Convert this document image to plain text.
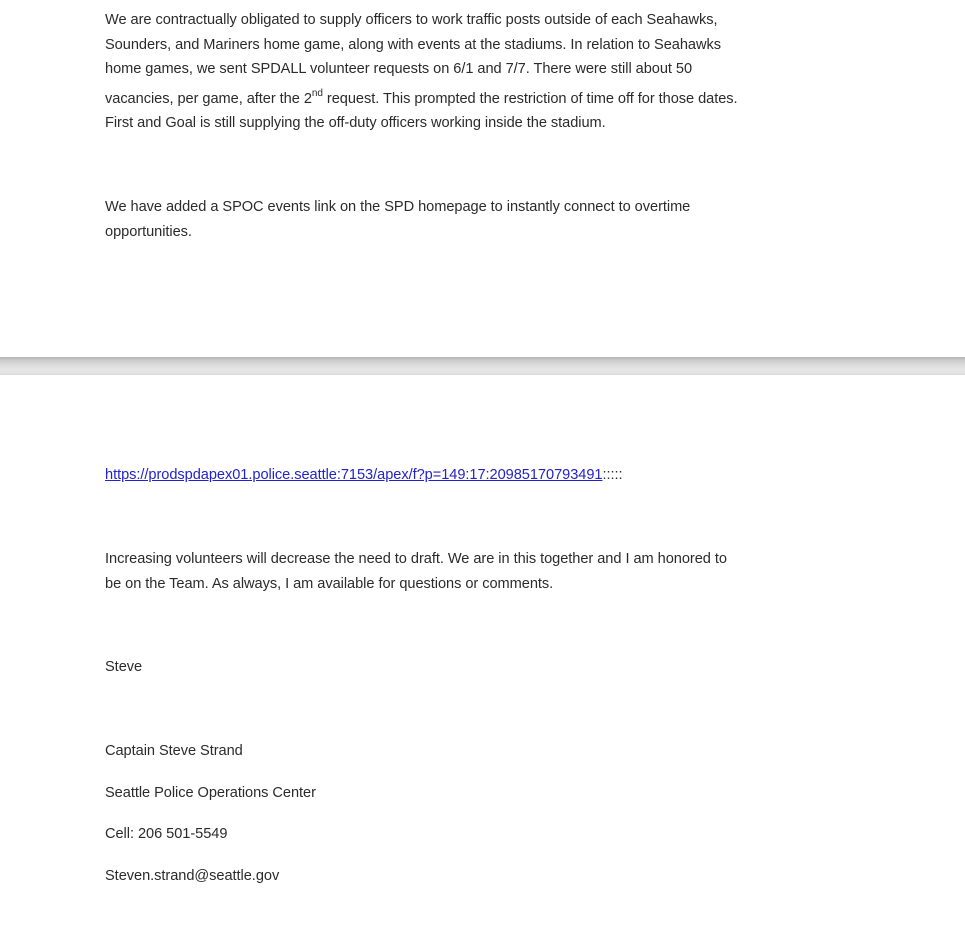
We are contractually obligated to supply officers to work traffic posts outside of each Seahawks,
Sounders, and Mariners home game, along with events at the stadiums. In relation to Seahawks
home games, we sent SPDALL volunteer requests on 6/1 and 7/7. There were still about 50
vacancies, per game, after the 2nd request. This prompted the restriction of time off for those dates.
First and Goal is still supplying the off-duty officers working inside the stadium.

We have added a SPOC events link on the SPD homepage to instantly connect to overtime
opportunities.

https://prodspdapex01.police.seattle:7153/apex/f?p=149:17:20985170793491:::::

Increasing volunteers will decrease the need to draft. We are in this together and I am honored to
be on the Team. As always, I am available for questions or comments.

Steve

Captain Steve Strand

Seattle Police Operations Center

Cell: 206 501-5549

Steven.strand@seattle.gov
